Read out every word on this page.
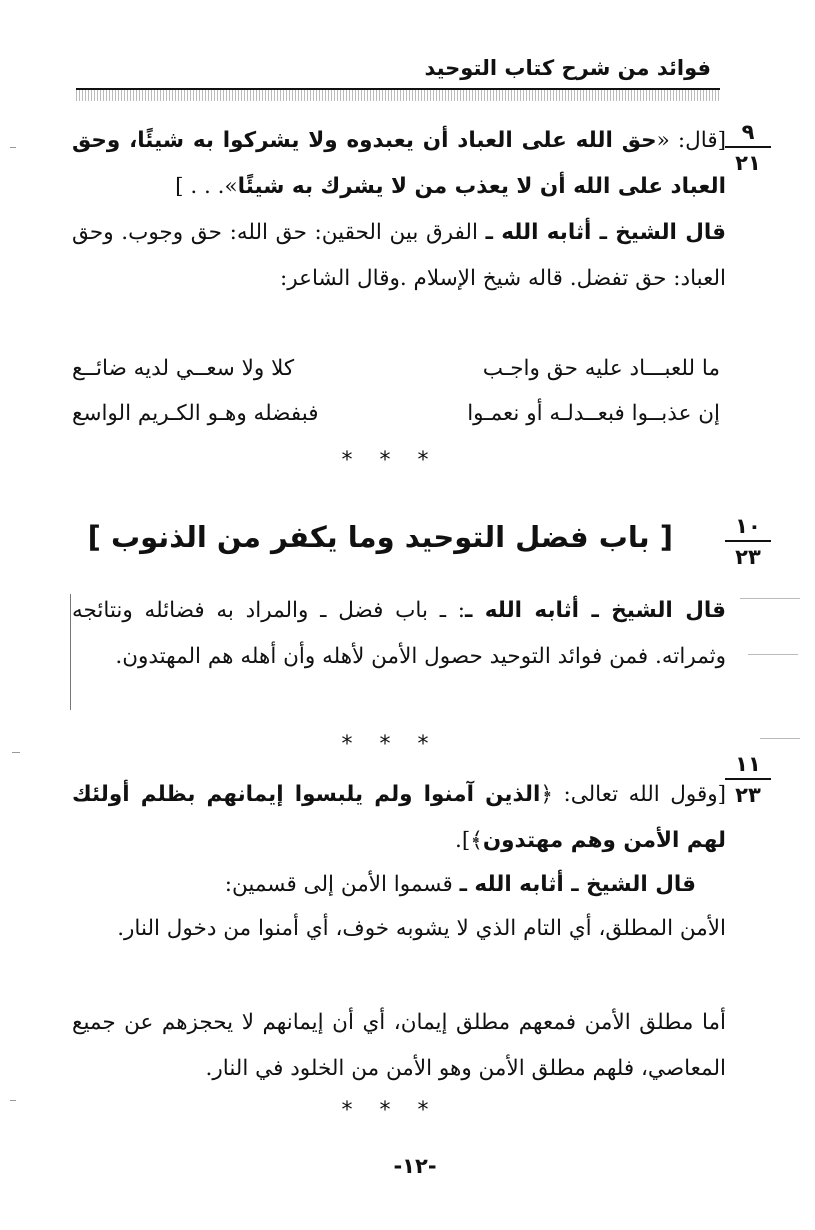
فوائد من شرح كتاب التوحيد
٩
٢١
[قال: «حق الله على العباد أن يعبدوه ولا يشركوا به شيئًا، وحق العباد على الله أن لا يعذب من لا يشرك به شيئًا». . . ]
قال الشيخ ـ أثابه الله ـ الفرق بين الحقين: حق الله: حق وجوب. وحق العباد: حق تفضل. قاله شيخ الإسلام .وقال الشاعر:
ما للعبـــاد عليه حق واجـب
كلا ولا سعــي لديه ضائــع
إن عذبــوا فبعــدلـه أو نعمـوا
فبفضله وهـو الكـريم الواسع
* * *
١٠
٢٣
[ باب فضل التوحيد وما يكفر من الذنوب ]
قال الشيخ ـ أثابه الله ـ: ـ باب فضل ـ والمراد به فضائله ونتائجه وثمراته. فمن فوائد التوحيد حصول الأمن لأهله وأن أهله هم المهتدون.
* * *
١١
٢٣
[وقول الله تعالى: ﴿الذين آمنوا ولم يلبسوا إيمانهم بظلم أولئك لهم الأمن وهم مهتدون﴾].
قال الشيخ ـ أثابه الله ـ قسموا الأمن إلى قسمين:
الأمن المطلق، أي التام الذي لا يشوبه خوف، أي أمنوا من دخول النار.
أما مطلق الأمن فمعهم مطلق إيمان، أي أن إيمانهم لا يحجزهم عن جميع المعاصي، فلهم مطلق الأمن وهو الأمن من الخلود في النار.
* * *
-١٢-
